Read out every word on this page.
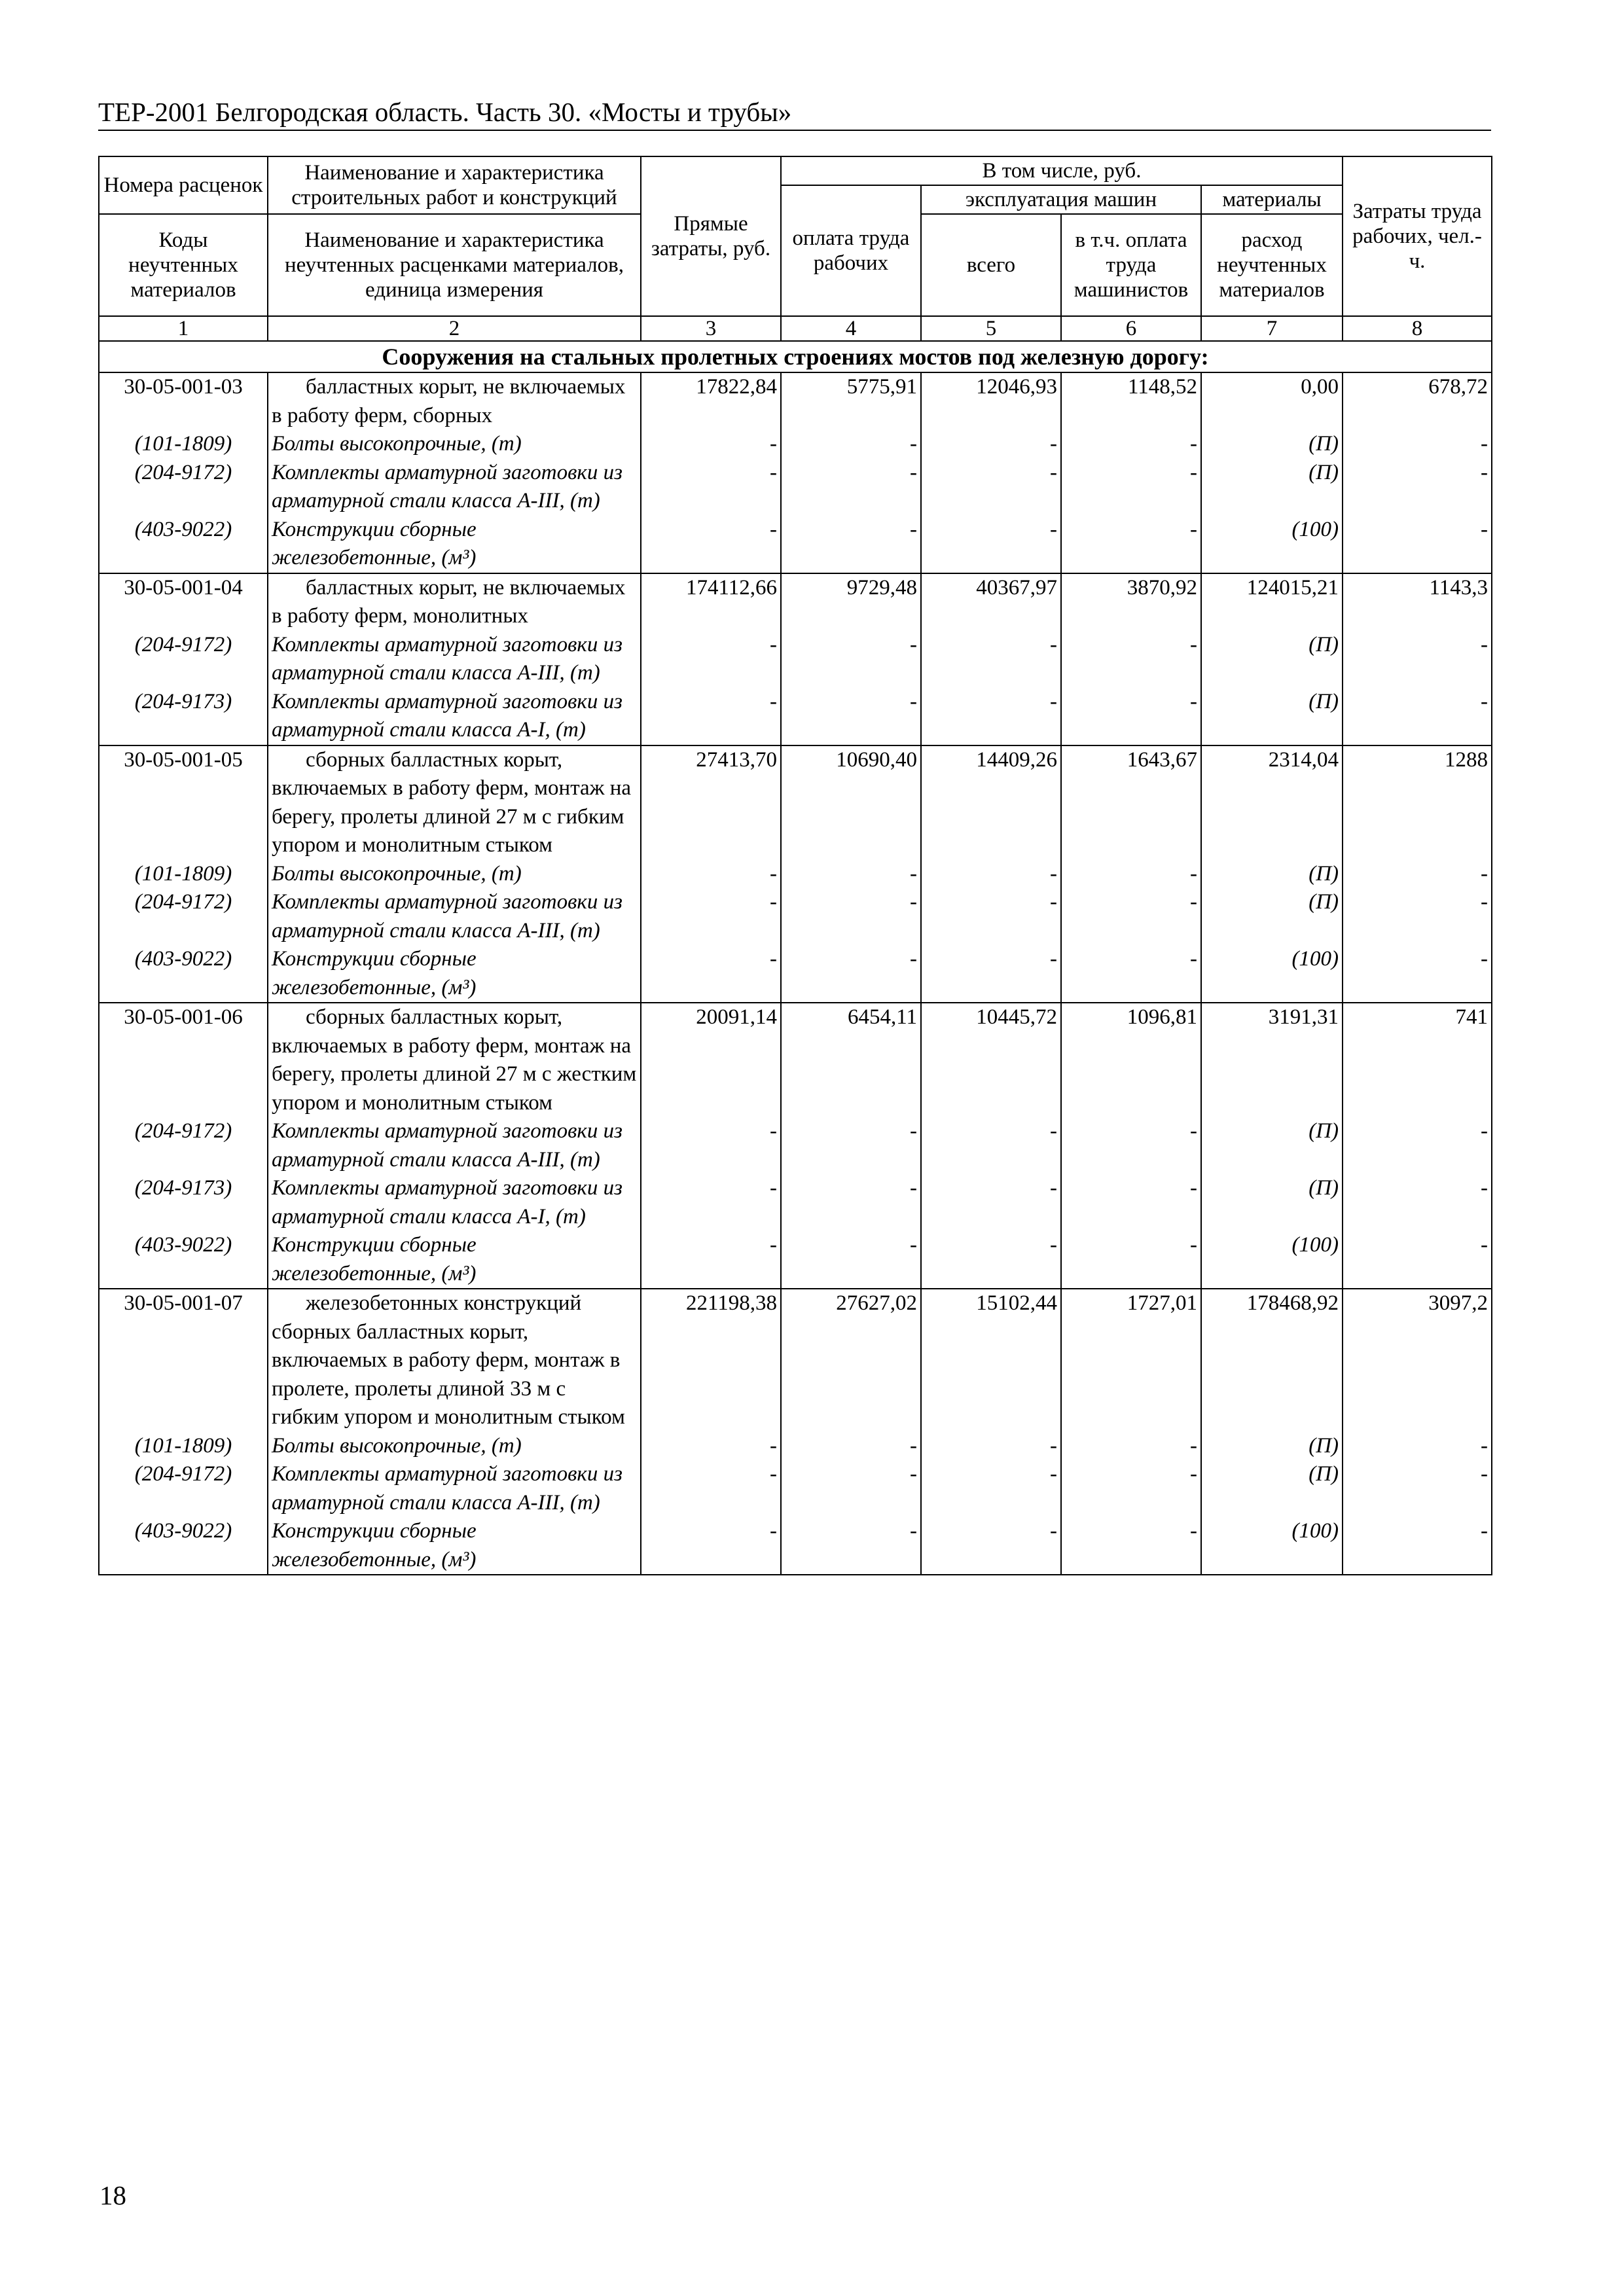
ТЕР-2001 Белгородская область. Часть 30. «Мосты и трубы»
Номера расценок	Наименование и характеристика строительных работ и конструкций	Прямые затраты, руб.	В том числе, руб.				Затраты труда рабочих, чел.-ч.
			оплата труда рабочих	эксплуатация машин		материалы	
Коды неучтенных материалов	Наименование и характеристика неучтенных расценками материалов, единица измерения			всего	в т.ч. оплата труда машинистов	расход неучтенных материалов	

1	2	3	4	5	6	7	8
Сооружения на стальных пролетных строениях мостов под железную дорогу:							
30-05-001-03	балластных корыт, не включаемых в работу ферм, сборных	17822,84	5775,91	12046,93	1148,52	0,00	678,72
(101-1809)	Болты высокопрочные, (т)	-	-	-	-	(П)	-
(204-9172)	Комплекты арматурной заготовки из арматурной стали класса А-III, (т)	-	-	-	-	(П)	-
(403-9022)	Конструкции сборные железобетонные, (м³)	-	-	-	-	(100)	-
30-05-001-04	балластных корыт, не включаемых в работу ферм, монолитных	174112,66	9729,48	40367,97	3870,92	124015,21	1143,3
(204-9172)	Комплекты арматурной заготовки из арматурной стали класса А-III, (т)	-	-	-	-	(П)	-
(204-9173)	Комплекты арматурной заготовки из арматурной стали класса А-I, (т)	-	-	-	-	(П)	-
30-05-001-05	сборных балластных корыт, включаемых в работу ферм, монтаж на берегу, пролеты длиной 27 м с гибким упором и монолитным стыком	27413,70	10690,40	14409,26	1643,67	2314,04	1288
(101-1809)	Болты высокопрочные, (т)	-	-	-	-	(П)	-
(204-9172)	Комплекты арматурной заготовки из арматурной стали класса А-III, (т)	-	-	-	-	(П)	-
(403-9022)	Конструкции сборные железобетонные, (м³)	-	-	-	-	(100)	-
30-05-001-06	сборных балластных корыт, включаемых в работу ферм, монтаж на берегу, пролеты длиной 27 м с жестким упором и монолитным стыком	20091,14	6454,11	10445,72	1096,81	3191,31	741
(204-9172)	Комплекты арматурной заготовки из арматурной стали класса А-III, (т)	-	-	-	-	(П)	-
(204-9173)	Комплекты арматурной заготовки из арматурной стали класса А-I, (т)	-	-	-	-	(П)	-
(403-9022)	Конструкции сборные железобетонные, (м³)	-	-	-	-	(100)	-
30-05-001-07	железобетонных конструкций сборных балластных корыт, включаемых в работу ферм, монтаж в пролете, пролеты длиной 33 м с гибким упором и монолитным стыком	221198,38	27627,02	15102,44	1727,01	178468,92	3097,2
(101-1809)	Болты высокопрочные, (т)	-	-	-	-	(П)	-
(204-9172)	Комплекты арматурной заготовки из арматурной стали класса А-III, (т)	-	-	-	-	(П)	-
(403-9022)	Конструкции сборные железобетонные, (м³)	-	-	-	-	(100)	-
18
